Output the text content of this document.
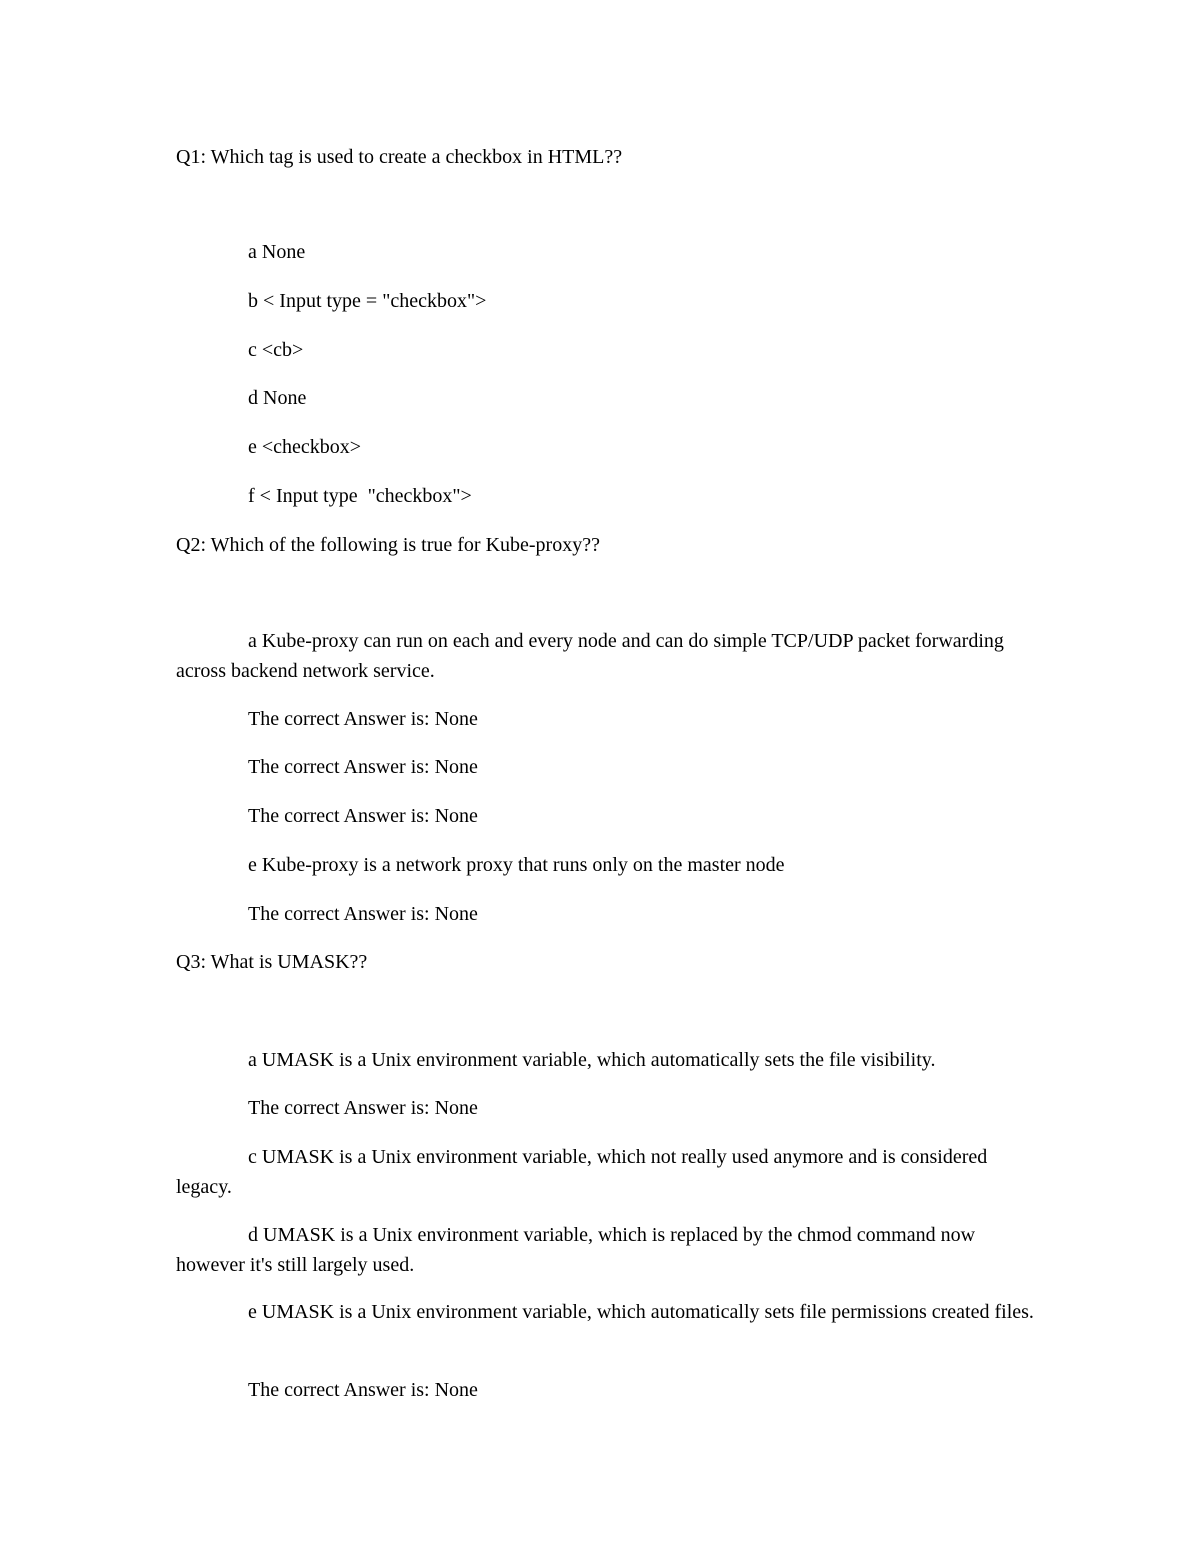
Q1: Which tag is used to create a checkbox in HTML??
a None
b < Input type = "checkbox">
c <cb>
d None
e <checkbox>
f < Input type  "checkbox">
Q2: Which of the following is true for Kube-proxy??
a Kube-proxy can run on each and every node and can do simple TCP/UDP packet forwarding across backend network service.
The correct Answer is: None
The correct Answer is: None
The correct Answer is: None
e Kube-proxy is a network proxy that runs only on the master node
The correct Answer is: None
Q3: What is UMASK??
a UMASK is a Unix environment variable, which automatically sets the file visibility.
The correct Answer is: None
c UMASK is a Unix environment variable, which not really used anymore and is considered legacy.
d UMASK is a Unix environment variable, which is replaced by the chmod command now however it's still largely used.
e UMASK is a Unix environment variable, which automatically sets file permissions created files.
The correct Answer is: None
